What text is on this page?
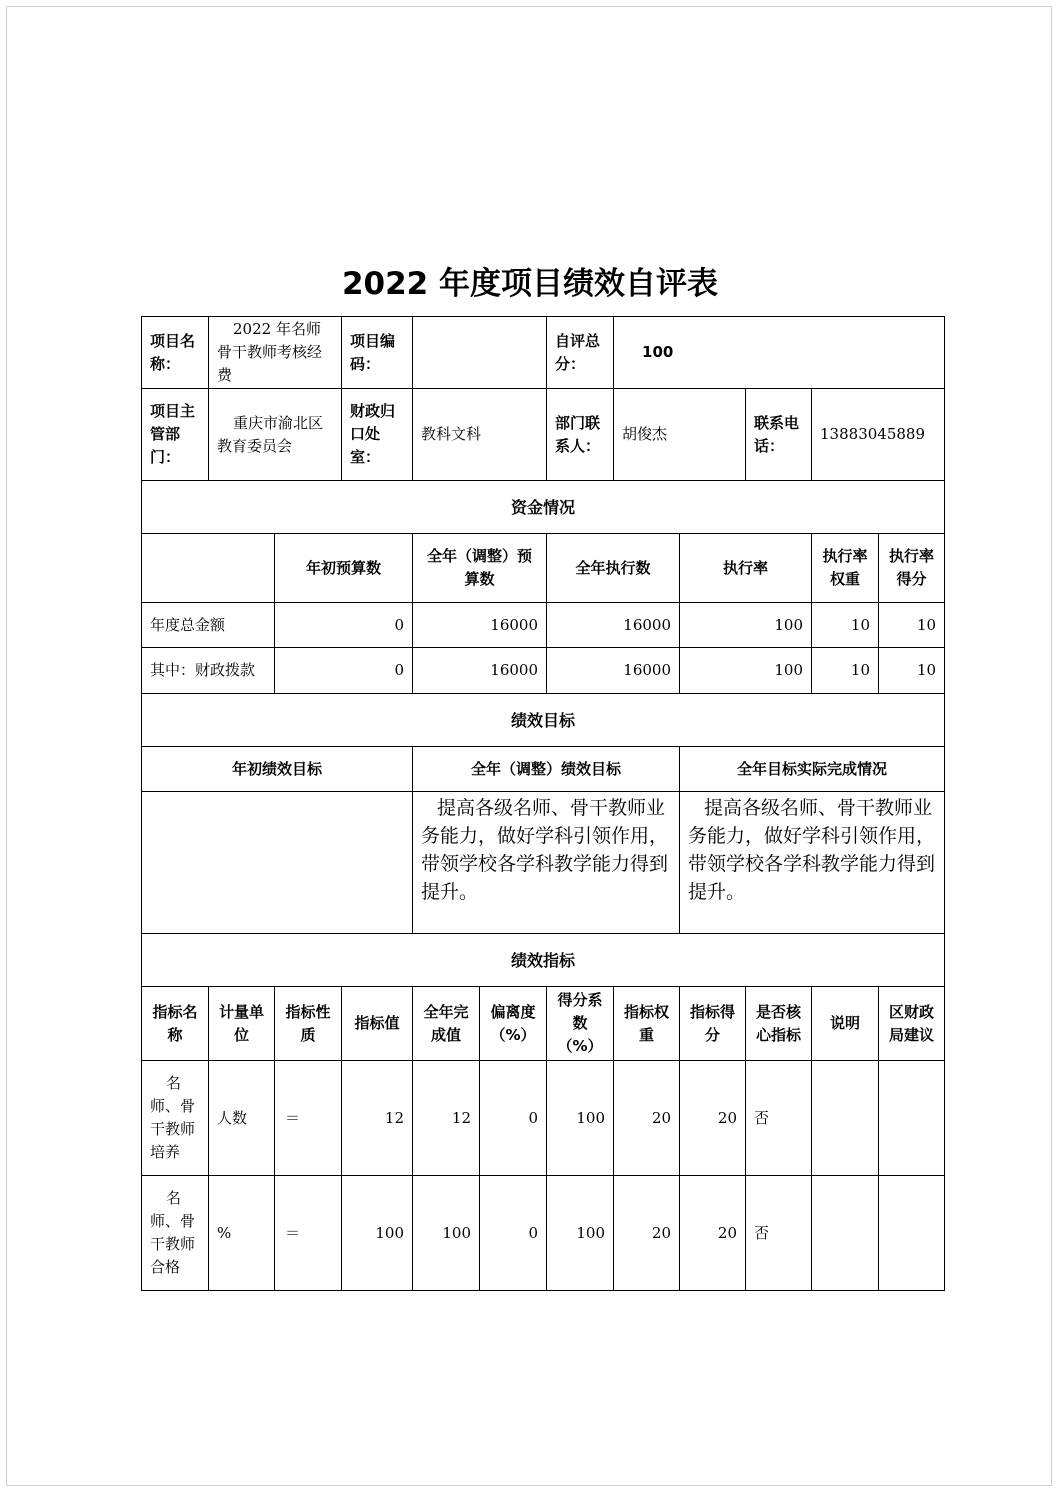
2022 年度项目绩效自评表
项目名称：	2022 年名师骨干教师考核经费		项目编码：			自评总分：	100				
项目主管部门：	重庆市渝北区教育委员会		财政归口处室：	教科文科		部门联系人：	胡俊杰		联系电话：	13883045889	
资金情况											
		年初预算数		全年（调整）预算数		全年执行数		执行率		执行率权重	执行率得分
年度总金额		0		16000		16000		100		10	10
其中：财政拨款		0		16000		16000		100		10	10
绩效目标											
年初绩效目标				全年（调整）绩效目标				全年目标实际完成情况			
				提高各级名师、骨干教师业务能力，做好学科引领作用，带领学校各学科教学能力得到提升。				提高各级名师、骨干教师业务能力，做好学科引领作用，带领学校各学科教学能力得到提升。			
绩效指标											
指标名称	计量单位	指标性质	指标值	全年完成值	偏离度（%）	得分系数（%）	指标权重	指标得分	是否核心指标	说明	区财政局建议
名师、骨干教师培养	人数	＝	12	12	0	100	20	20	否		
名师、骨干教师合格	%	＝	100	100	0	100	20	20	否		
